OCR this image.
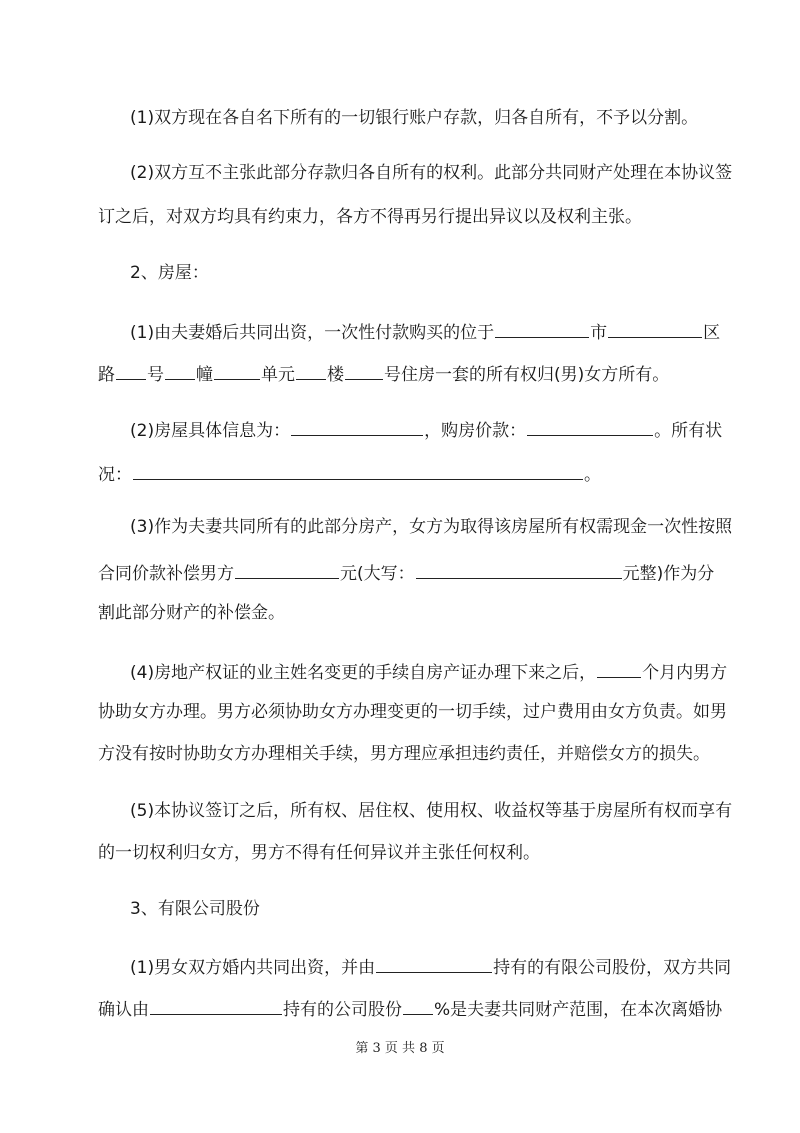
(1)双方现在各自名下所有的一切银行账户存款，归各自所有，不予以分割。
(2)双方互不主张此部分存款归各自所有的权利。此部分共同财产处理在本协议签
订之后，对双方均具有约束力，各方不得再另行提出异议以及权利主张。
2、房屋：
(1)由夫妻婚后共同出资，一次性付款购买的位于	市	区
路 号 幢	单元 楼 号住房一套的所有权归(男)女方所有。
(2)房屋具体信息为：	，购房价款：	。所有状
况：	。
(3)作为夫妻共同所有的此部分房产，女方为取得该房屋所有权需现金一次性按照
合同价款补偿男方	元(大写：	元整)作为分
割此部分财产的补偿金。
(4)房地产权证的业主姓名变更的手续自房产证办理下来之后，	个月内男方
协助女方办理。男方必须协助女方办理变更的一切手续，过户费用由女方负责。如男
方没有按时协助女方办理相关手续，男方理应承担违约责任，并赔偿女方的损失。
(5)本协议签订之后，所有权、居住权、使用权、收益权等基于房屋所有权而享有
的一切权利归女方，男方不得有任何异议并主张任何权利。
3、有限公司股份
(1)男女双方婚内共同出资，并由	持有的有限公司股份，双方共同
确认由	持有的公司股份 %是夫妻共同财产范围，在本次离婚协
第 3 页 共 8 页
